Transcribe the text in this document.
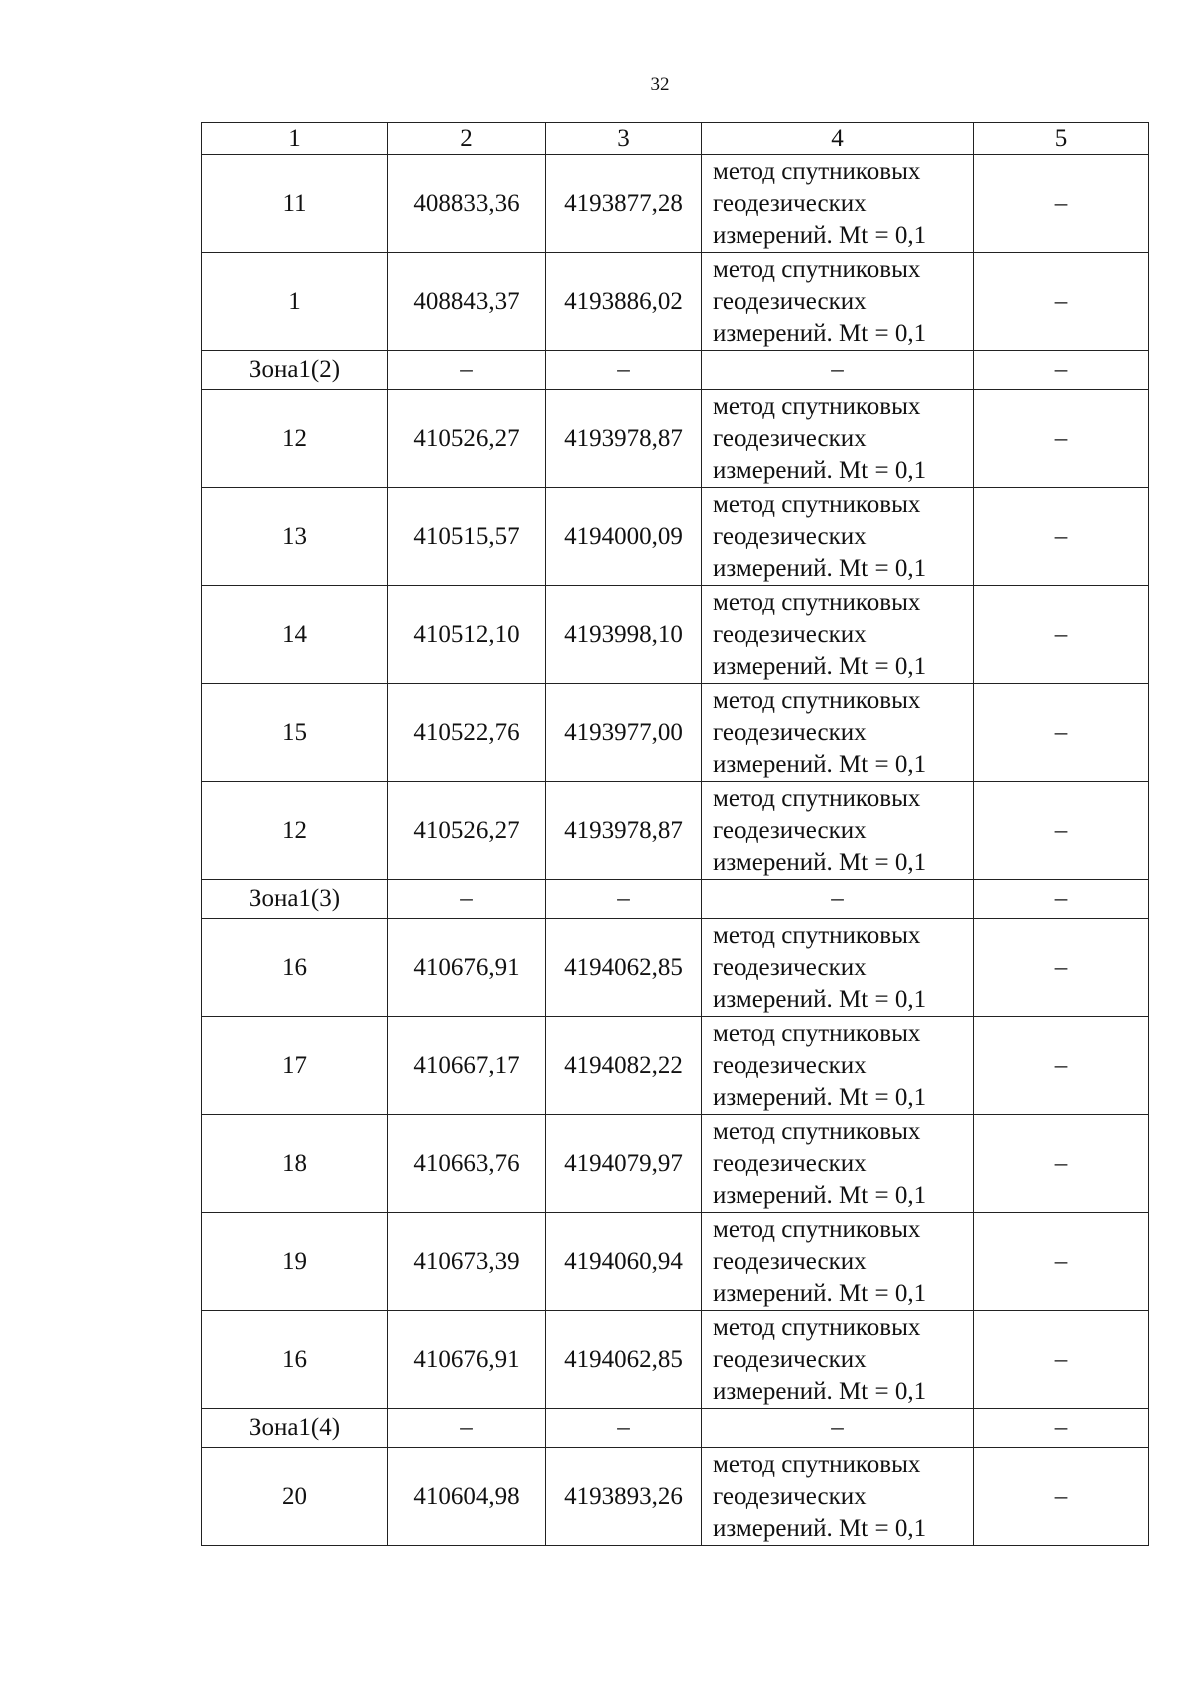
32
1	2	3	4	5
11	408833,36	4193877,28	метод спутниковых
геодезических
измерений. Mt = 0,1	–
1	408843,37	4193886,02	метод спутниковых
геодезических
измерений. Mt = 0,1	–
Зона1(2)	–	–	–	–
12	410526,27	4193978,87	метод спутниковых
геодезических
измерений. Mt = 0,1	–
13	410515,57	4194000,09	метод спутниковых
геодезических
измерений. Mt = 0,1	–
14	410512,10	4193998,10	метод спутниковых
геодезических
измерений. Mt = 0,1	–
15	410522,76	4193977,00	метод спутниковых
геодезических
измерений. Mt = 0,1	–
12	410526,27	4193978,87	метод спутниковых
геодезических
измерений. Mt = 0,1	–
Зона1(3)	–	–	–	–
16	410676,91	4194062,85	метод спутниковых
геодезических
измерений. Mt = 0,1	–
17	410667,17	4194082,22	метод спутниковых
геодезических
измерений. Mt = 0,1	–
18	410663,76	4194079,97	метод спутниковых
геодезических
измерений. Mt = 0,1	–
19	410673,39	4194060,94	метод спутниковых
геодезических
измерений. Mt = 0,1	–
16	410676,91	4194062,85	метод спутниковых
геодезических
измерений. Mt = 0,1	–
Зона1(4)	–	–	–	–
20	410604,98	4193893,26	метод спутниковых
геодезических
измерений. Mt = 0,1	–
